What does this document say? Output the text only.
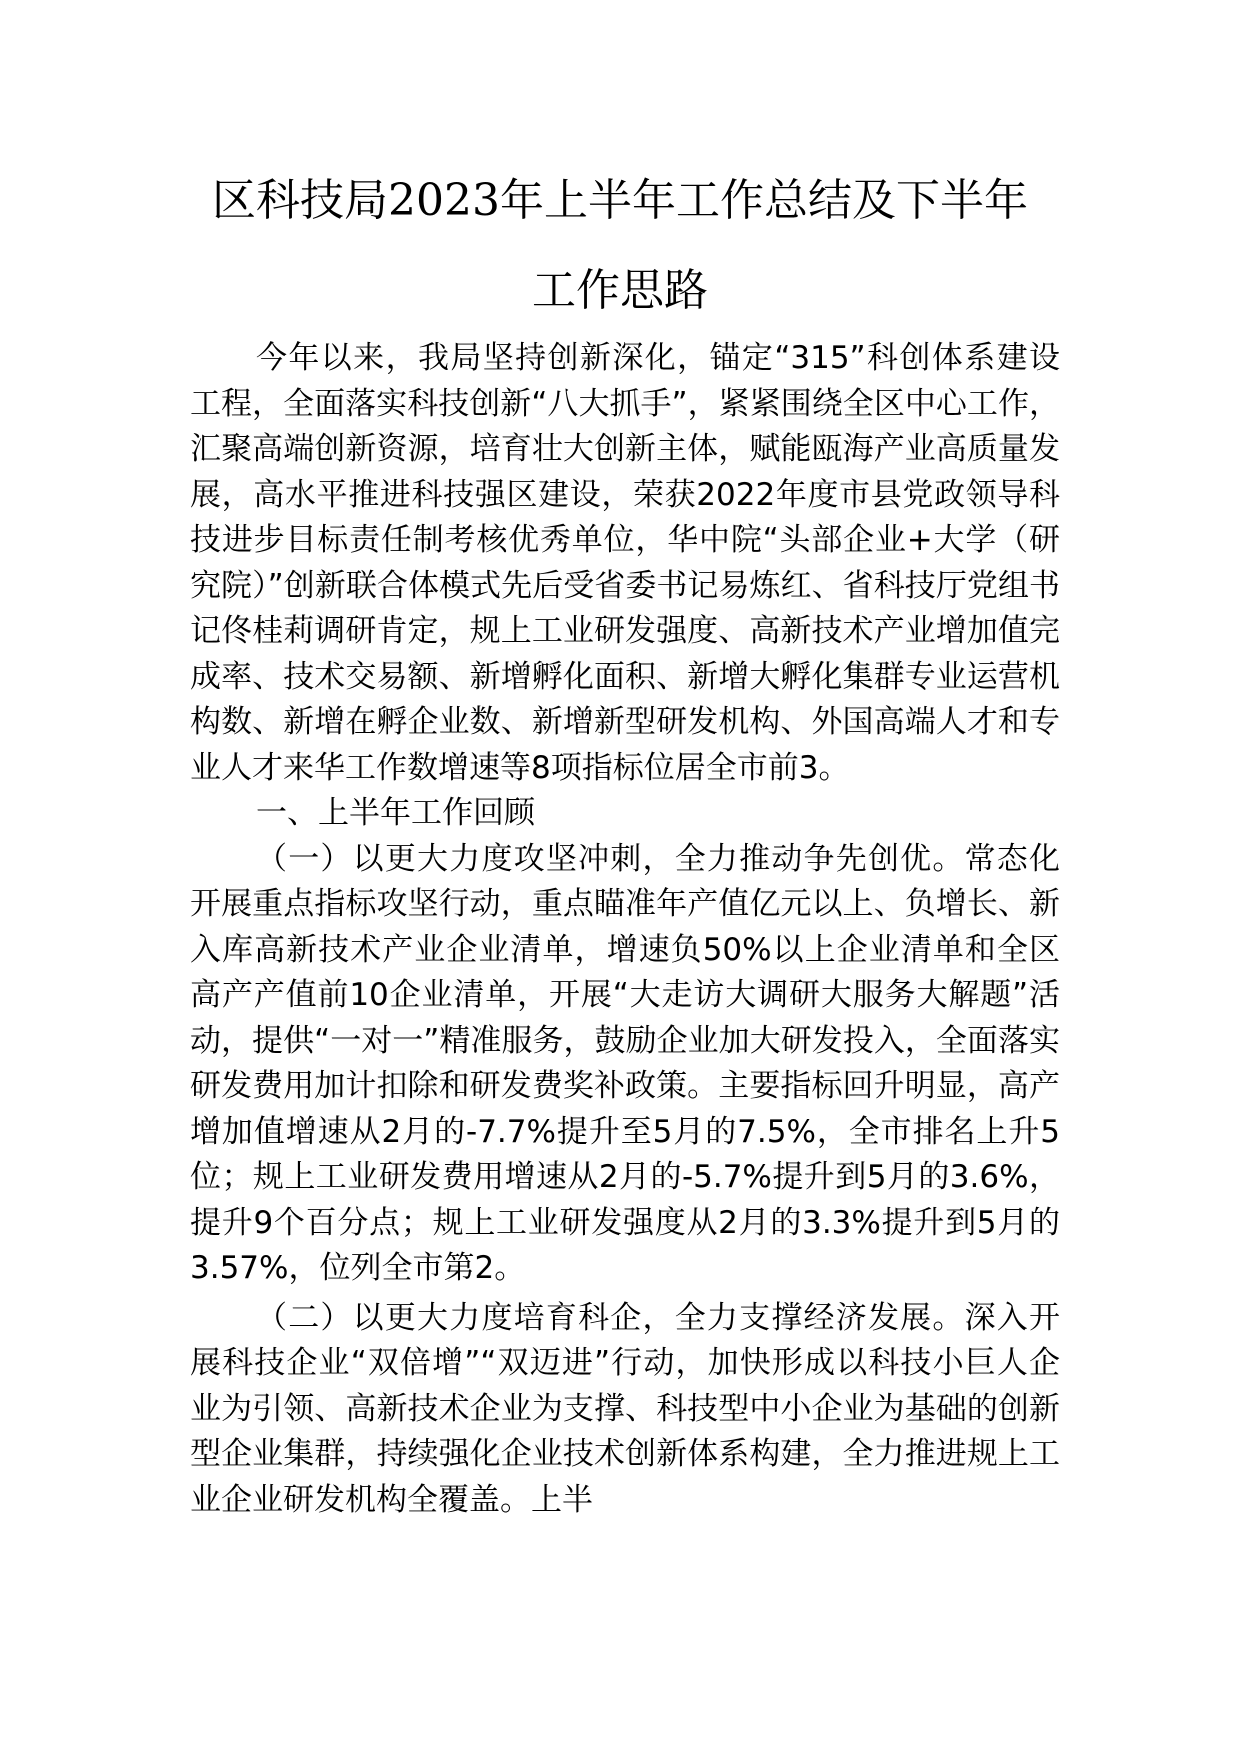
区科技局2023年上半年工作总结及下半年
工作思路

今年以来，我局坚持创新深化，锚定“315”科创体系建设工程，全面落实科技创新“八大抓手”，紧紧围绕全区中心工作，汇聚高端创新资源，培育壮大创新主体，赋能瓯海产业高质量发展，高水平推进科技强区建设，荣获2022年度市县党政领导科技进步目标责任制考核优秀单位，华中院“头部企业+大学（研究院）”创新联合体模式先后受省委书记易炼红、省科技厅党组书记佟桂莉调研肯定，规上工业研发强度、高新技术产业增加值完成率、技术交易额、新增孵化面积、新增大孵化集群专业运营机构数、新增在孵企业数、新增新型研发机构、外国高端人才和专业人才来华工作数增速等8项指标位居全市前3。

一、上半年工作回顾

（一）以更大力度攻坚冲刺，全力推动争先创优。常态化开展重点指标攻坚行动，重点瞄准年产值亿元以上、负增长、新入库高新技术产业企业清单，增速负50%以上企业清单和全区高产产值前10企业清单，开展“大走访大调研大服务大解题”活动，提供“一对一”精准服务，鼓励企业加大研发投入，全面落实研发费用加计扣除和研发费奖补政策。主要指标回升明显，高产增加值增速从2月的-7.7%提升至5月的7.5%，全市排名上升5位；规上工业研发费用增速从2月的-5.7%提升到5月的3.6%，提升9个百分点；规上工业研发强度从2月的3.3%提升到5月的3.57%，位列全市第2。

（二）以更大力度培育科企，全力支撑经济发展。深入开展科技企业“双倍增”“双迈进”行动，加快形成以科技小巨人企业为引领、高新技术企业为支撑、科技型中小企业为基础的创新型企业集群，持续强化企业技术创新体系构建，全力推进规上工业企业研发机构全覆盖。上半
